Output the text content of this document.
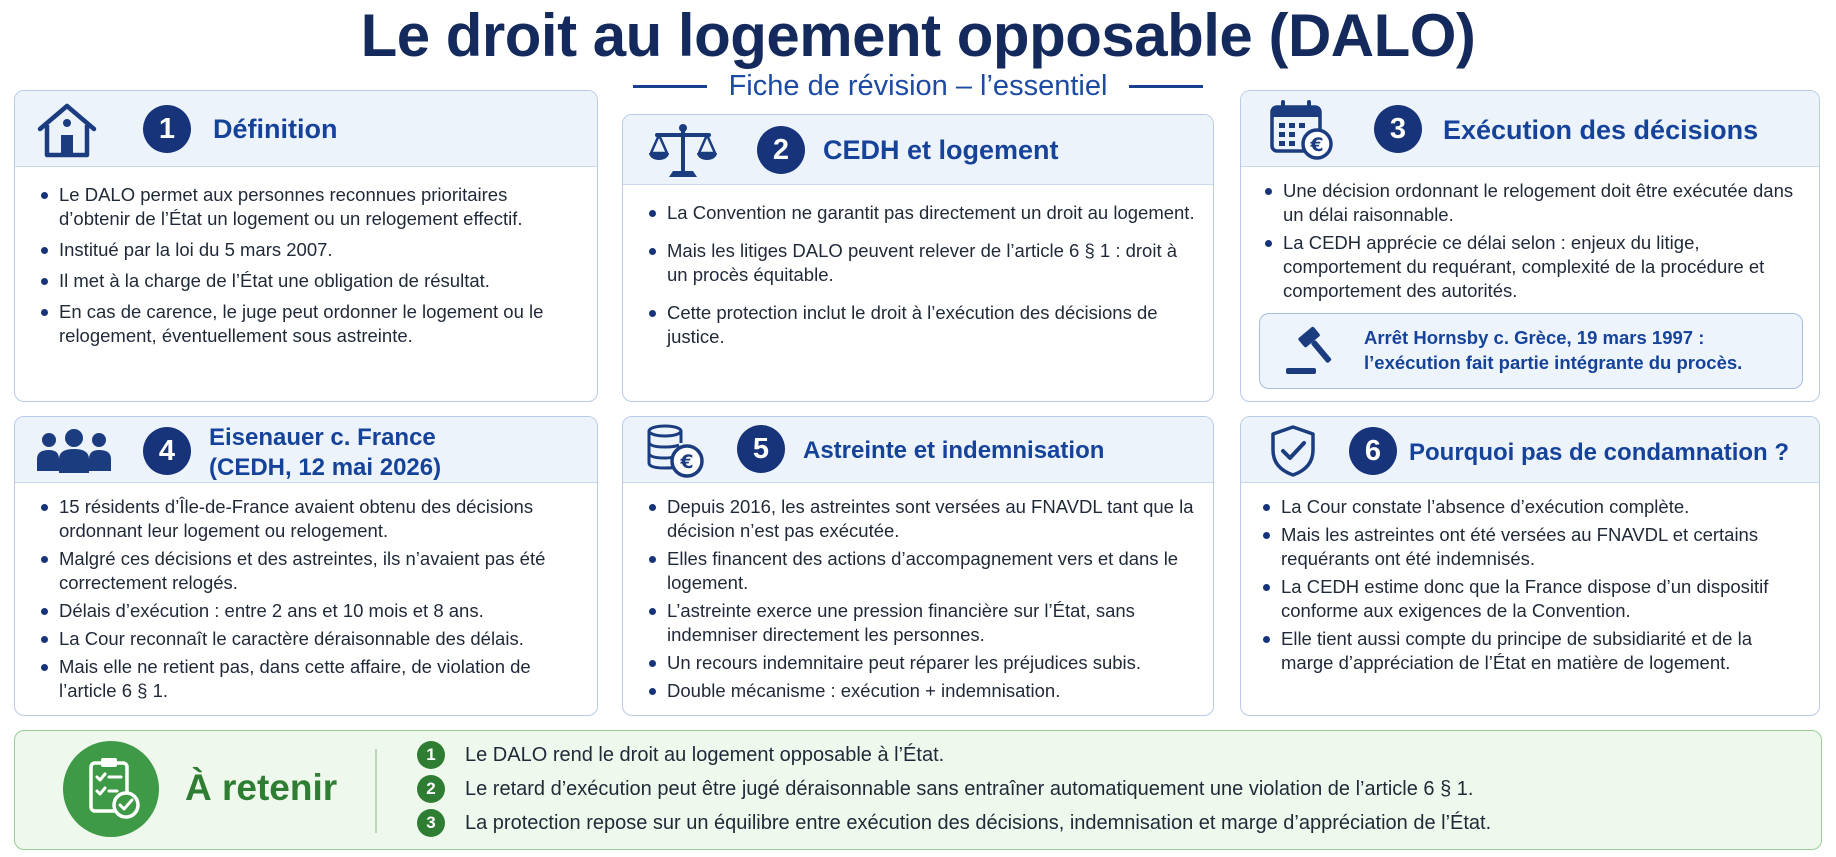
Le droit au logement opposable (DALO)
Fiche de révision – l’essentiel
1	Définition
Le DALO permet aux personnes reconnues prioritaires d’obtenir de l’État un logement ou un relogement effectif.
Institué par la loi du 5 mars 2007.
Il met à la charge de l’État une obligation de résultat.
En cas de carence, le juge peut ordonner le logement ou le relogement, éventuellement sous astreinte.
2	CEDH et logement
La Convention ne garantit pas directement un droit au logement.
Mais les litiges DALO peuvent relever de l’article 6 § 1 : droit à un procès équitable.
Cette protection inclut le droit à l’exécution des décisions de justice.
€
3	Exécution des décisions
Une décision ordonnant le relogement doit être exécutée dans un délai raisonnable.
La CEDH apprécie ce délai selon : enjeux du litige, comportement du requérant, complexité de la procédure et comportement des autorités.
Arrêt Hornsby c. Grèce, 19 mars 1997 : l’exécution fait partie intégrante du procès.
4	Eisenauer c. France (CEDH, 12 mai 2026)
15 résidents d’Île-de-France avaient obtenu des décisions ordonnant leur logement ou relogement.
Malgré ces décisions et des astreintes, ils n’avaient pas été correctement relogés.
Délais d’exécution : entre 2 ans et 10 mois et 8 ans.
La Cour reconnaît le caractère déraisonnable des délais.
Mais elle ne retient pas, dans cette affaire, de violation de l’article 6 § 1.
€	5	Astreinte et indemnisation
Depuis 2016, les astreintes sont versées au FNAVDL tant que la décision n’est pas exécutée.
Elles financent des actions d’accompagnement vers et dans le logement.
L’astreinte exerce une pression financière sur l’État, sans indemniser directement les personnes.
Un recours indemnitaire peut réparer les préjudices subis.
Double mécanisme : exécution + indemnisation.
6	Pourquoi pas de condamnation ?
La Cour constate l’absence d’exécution complète.
Mais les astreintes ont été versées au FNAVDL et certains requérants ont été indemnisés.
La CEDH estime donc que la France dispose d’un dispositif conforme aux exigences de la Convention.
Elle tient aussi compte du principe de subsidiarité et de la marge d’appréciation de l’État en matière de logement.
À retenir
1	Le DALO rend le droit au logement opposable à l’État.
2	Le retard d’exécution peut être jugé déraisonnable sans entraîner automatiquement une violation de l’article 6 § 1.
3	La protection repose sur un équilibre entre exécution des décisions, indemnisation et marge d’appréciation de l’État.
